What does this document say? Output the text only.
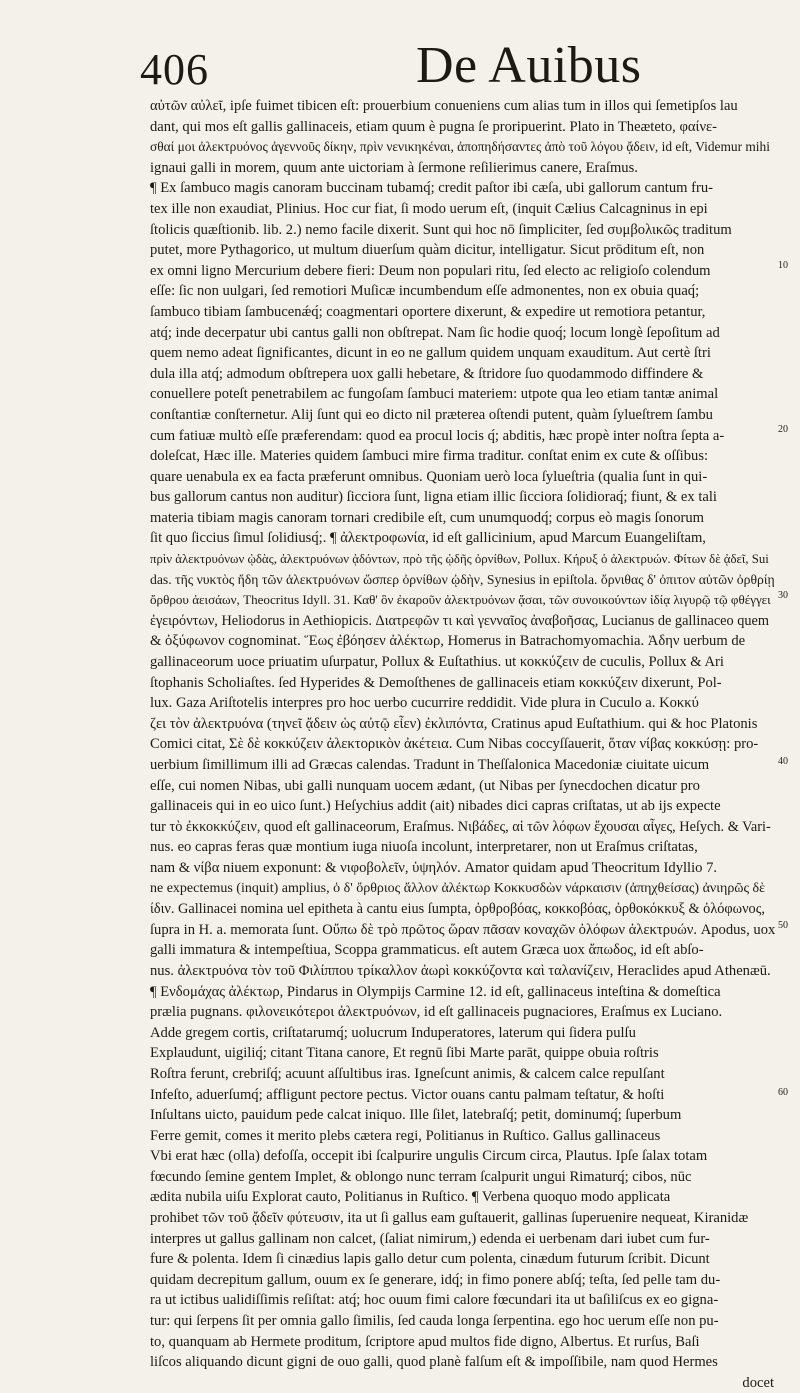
406	De Auibus
αὐτῶν αὐλεῖ, ipſe fuimet tibicen eſt: prouerbium conueniens cum alias tum in illos qui ſemetipſos lau
dant, qui mos eſt gallis gallinaceis, etiam quum è pugna ſe proripuerint. Plato in Theæteto, φαίνε-
σθαί μοι ἀλεκτρυόνος ἀγεννοῦς δίκην, πρὶν νενικηκέναι, ἀποπηδήσαντες ἀπὸ τοῦ λόγου ᾄδειν, id eſt, Videmur mihi
ignaui galli in morem, quum ante uictoriam à ſermone reſilierimus canere, Eraſmus.
¶ Ex ſambuco magis canoram buccinam tubamq́; credit paſtor ibi cæſa, ubi gallorum cantum fru-
tex ille non exaudiat, Plinius. Hoc cur fiat, ſi modo uerum eſt, (inquit Cælius Calcagninus in epi
ſtolicis quæſtionib. lib. 2.) nemo facile dixerit. Sunt qui hoc nō ſimpliciter, ſed συμβολικῶς traditum
putet, more Pythagorico, ut multum diuerſum quàm dicitur, intelligatur. Sicut prōditum eſt, non
ex omni ligno Mercurium debere fieri: Deum non populari ritu, ſed electo ac religioſo colendum
eſſe: ſic non uulgari, ſed remotiori Muſicæ incumbendum eſſe admonentes, non ex obuia quaq́;
ſambuco tibiam ſambucenǽq́; coagmentari oportere dixerunt, & expedire ut remotiora petantur,
atq́; inde decerpatur ubi cantus galli non obſtrepat. Nam ſic hodie quoq́; locum longè ſepoſitum ad
quem nemo adeat ſignificantes, dicunt in eo ne gallum quidem unquam exauditum. Aut certè ſtri
dula illa atq́; admodum obſtrepera uox galli hebetare, & ſtridore ſuo quodammodo diffindere &
conuellere poteſt penetrabilem ac fungoſam ſambuci materiem: utpote qua leo etiam tantæ animal
conſtantiæ conſternetur. Alij ſunt qui eo dicto nil præterea oſtendi putent, quàm ſylueſtrem ſambu
cum fatiuæ multò eſſe præferendam: quod ea procul locis q́; abditis, hæc propè inter noſtra ſepta a-
doleſcat, Hæc ille. Materies quidem ſambuci mire firma traditur. conſtat enim ex cute & oſſibus:
quare uenabula ex ea facta præferunt omnibus. Quoniam uerò loca ſylueſtria (qualia ſunt in qui-
bus gallorum cantus non auditur) ſicciora ſunt, ligna etiam illic ſicciora ſolidioraq́; fiunt, & ex tali
materia tibiam magis canoram tornari credibile eſt, cum unumquodq́; corpus eò magis ſonorum
ſit quo ſiccius ſimul ſolidiusq́;. ¶ ἀλεκτροφωνία, id eſt gallicinium, apud Marcum Euangeliſtam,
πρὶν ἀλεκτρυόνων ᾠδὰς, ἀλεκτρυόνων ᾀδόντων, πρὸ τῆς ᾠδῆς ὀρνίθων, Pollux. Κήρυξ ὁ ἀλεκτρυών. Φίτων δὲ ᾀδεῖ, Sui
das. τῆς νυκτὸς ἤδη τῶν ἀλεκτρυόνων ὥσπερ ὀρνίθων ᾠδὴν, Synesius in epiſtola. ὄρνιθας δ' ὀπιτον αὐτῶν ὀρθρίῃ
ὄρθρου ἀεισάων, Theocritus Idyll. 31. Καθ' ὃν ἐκαροῦν ἀλεκτρυόνων ᾄσαι, τῶν συνοικούντων ἰδίᾳ λιγυρῷ τῷ φθέγγει
ἐγειρόντων, Heliodorus in Aethiopicis. Διατρεφῶν τι καὶ γενναῖος ἀναβοῆσας, Lucianus de gallinaceo quem
& ὀξύφωνον cognominat. Ἕως ἐβόησεν ἀλέκτωρ, Homerus in Batrachomyomachia. Ἀδην uerbum de
gallinaceorum uoce priuatim uſurpatur, Pollux & Euſtathius. ut κοκκύζειν de cuculis, Pollux & Ari
ſtophanis Scholiaſtes. ſed Hyperides & Demoſthenes de gallinaceis etiam κοκκύζειν dixerunt, Pol-
lux. Gaza Ariſtotelis interpres pro hoc uerbo cucurrire reddidit. Vide plura in Cuculo a. Κοκκύ
ζει τὸν ἀλεκτρυόνα (τηνεῖ ᾄδειν ὡς αὐτῷ εἶεν) ἐκλιπόντα, Cratinus apud Euſtathium. qui & hoc Platonis
Comici citat, Σὲ δὲ κοκκύζειν ἀλεκτορικὸν ἀκέτεια. Cum Nibas coccyſſauerit, ὅταν νίβας κοκκύσῃ: pro-
uerbium ſimillimum illi ad Græcas calendas. Tradunt in Theſſalonica Macedoniæ ciuitate uicum
eſſe, cui nomen Nibas, ubi galli nunquam uocem ædant, (ut Nibas per ſynecdochen dicatur pro
gallinaceis qui in eo uico ſunt.) Heſychius addit (ait) nibades dici capras criſtatas, ut ab ijs expecte
tur τὸ ἐκκοκκύζειν, quod eſt gallinaceorum, Eraſmus. Νιβάδες, αἱ τῶν λόφων ἔχουσαι αἶγες, Heſych. & Vari-
nus. eo capras feras quæ montium iuga niuoſa incolunt, interpretarer, non ut Eraſmus criſtatas,
nam & νίβα niuem exponunt: & νιφοβολεῖν, ὑψηλόν. Amator quidam apud Theocritum Idyllio 7.
ne expectemus (inquit) amplius, ὁ δ' ὄρθριος ἄλλον ἀλέκτωρ Κοκκυσδὼν νάρκαισιν (ἀπηχθείσας) ἀνιηρῶς δὲ
ίδιν. Gallinacei nomina uel epitheta à cantu eius ſumpta, ὀρθροβόας, κοκκοβόας, ὀρθοκόκκυξ & ὀλόφωνος,
ſupra in H. a. memorata ſunt. Οὔπω δὲ τρὸ πρῶτος ὥραν πᾶσαν κοναχῶν ὀλόφων ἀλεκτρυών. Apodus, uox
galli immatura & intempeſtiua, Scoppa grammaticus. eſt autem Græca uox ἄπωδος, id eſt abſo-
nus. ἀλεκτρυόνα τὸν τοῦ Φιλίππου τρίκαλλον ἀωρὶ κοκκύζοντα καὶ ταλανίζειν, Heraclides apud Athenæū.
¶ Ενδομάχας ἀλέκτωρ, Pindarus in Olympijs Carmine 12. id eſt, gallinaceus inteſtina & domeſtica
prælia pugnans. φιλονεικότεροι ἀλεκτρυόνων, id eſt gallinaceis pugnaciores, Eraſmus ex Luciano.
Adde gregem cortis, criſtatarumq́; uolucrum Induperatores, laterum qui ſidera pulſu
Explaudunt, uigiliq́; citant Titana canore, Et regnū ſibi Marte parāt, quippe obuia roſtris
Roſtra ferunt, crebriſq́; acuunt aſſultibus iras. Igneſcunt animis, & calcem calce repulſant
Infeſto, aduerſumq́; affligunt pectore pectus. Victor ouans cantu palmam teſtatur, & hoſti
Inſultans uicto, pauidum pede calcat iniquo. Ille ſilet, latebraſq́; petit, dominumq́; ſuperbum
Ferre gemit, comes it merito plebs cætera regi, Politianus in Ruſtico. Gallus gallinaceus
Vbi erat hæc (olla) defoſſa, occepit ibi ſcalpurire ungulis Circum circa, Plautus. Ipſe ſalax totam
fœcundo ſemine gentem Implet, & oblongo nunc terram ſcalpurit ungui Rimaturq́; cibos, nūc
ædita nubila uiſu Explorat cauto, Politianus in Ruſtico. ¶ Verbena quoquo modo applicata
prohibet τῶν τοῦ ᾄδεῖν φύτευσιν, ita ut ſi gallus eam guſtauerit, gallinas ſuperuenire nequeat, Kiranidæ
interpres ut gallus gallinam non calcet, (ſaliat nimirum,) edenda ei uerbenam dari iubet cum fur-
fure & polenta. Idem ſi cinædius lapis gallo detur cum polenta, cinædum futurum ſcribit. Dicunt
quidam decrepitum gallum, ouum ex ſe generare, idq́; in fimo ponere abſq́; teſta, ſed pelle tam du-
ra ut ictibus ualidiſſimis reſiſtat: atq́; hoc ouum fimi calore fœcundari ita ut baſiliſcus ex eo gigna-
tur: qui ſerpens ſit per omnia gallo ſimilis, ſed cauda longa ſerpentina. ego hoc uerum eſſe non pu-
to, quanquam ab Hermete proditum, ſcriptore apud multos fide digno, Albertus. Et rurſus, Baſi
liſcos aliquando dicunt gigni de ouo galli, quod planè falſum eſt & impoſſibile, nam quod Hermes
docet
10
20
30
40
50
60
